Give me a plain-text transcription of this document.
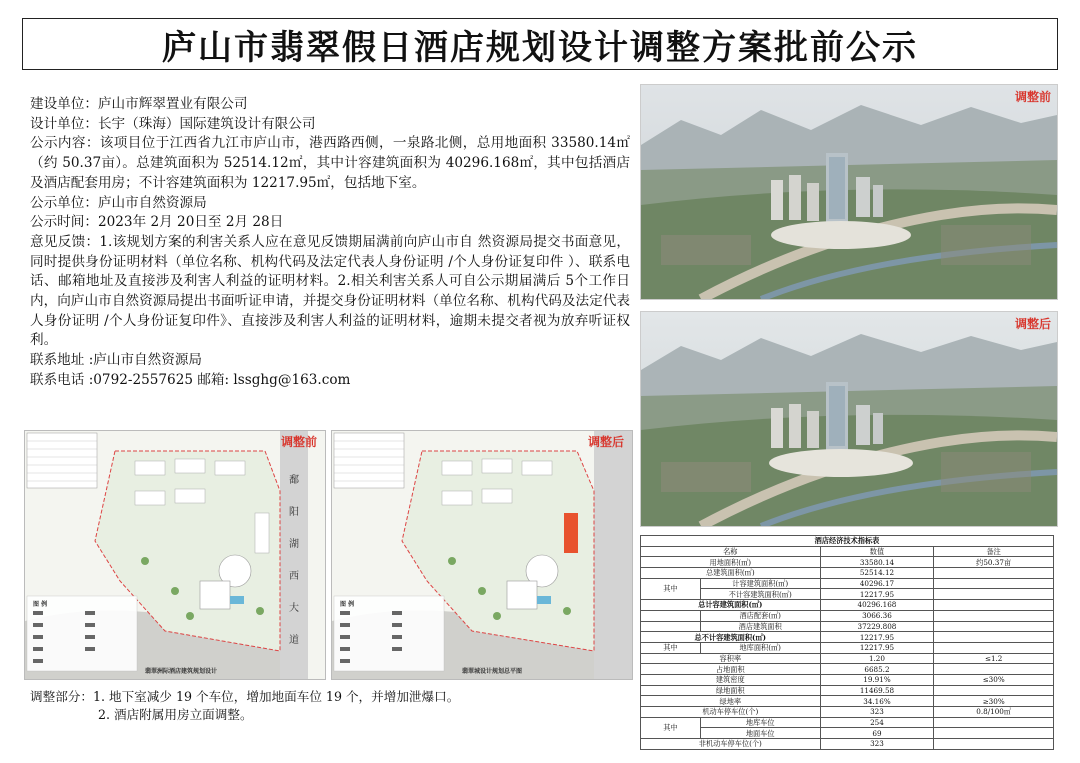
庐山市翡翠假日酒店规划设计调整方案批前公示

建设单位：庐山市辉翠置业有限公司

设计单位：长宇（珠海）国际建筑设计有限公司

公示内容：该项目位于江西省九江市庐山市，港西路西侧，一泉路北侧，总用地面积 33580.14㎡（约 50.37亩）。总建筑面积为 52514.12㎡，其中计容建筑面积为 40296.168㎡，其中包括酒店及酒店配套用房；不计容建筑面积为 12217.95㎡，包括地下室。

公示单位：庐山市自然资源局

公示时间：2023年 2月 20日至 2月 28日

意见反馈：1.该规划方案的利害关系人应在意见反馈期届满前向庐山市自 然资源局提交书面意见，同时提供身份证明材料（单位名称、机构代码及法定代表人身份证明 /个人身份证复印件 ）、联系电话、邮箱地址及直接涉及利害人利益的证明材料。2.相关利害关系人可自公示期届满后 5个工作日内，向庐山市自然资源局提出书面听证申请，并提交身份证明材料（单位名称、机构代码及法定代表人身份证明 /个人身份证复印件》、直接涉及利害人利益的证明材料，逾期未提交者视为放弃听证权利。

联系地址 :庐山市自然资源局

联系电话 :0792-2557625 邮箱: lssghg@163.com

调整前
调整后
调整前
图 例
翡翠洲际酒店建筑规划设计
鄱
阳
湖
西
大
道
调整后
图 例
翡翠城设计规划总平图
调整部分： 1. 地下室减少 19 个车位，增加地面车位 19 个，并增加泄爆口。
2. 酒店附属用房立面调整。
酒店经济技术指标表			
名称		数值	备注
用地面积(㎡)		33580.14	约50.37亩
总建筑面积(㎡)		52514.12	
其中	计容建筑面积(㎡)	40296.17	
	不计容建筑面积(㎡)	12217.95	
总计容建筑面积(㎡)		40296.168	
	酒店配套(㎡)	3066.36	
	酒店建筑面积	37229.808	
总不计容建筑面积(㎡)		12217.95	
其中	地库面积(㎡)	12217.95	
容积率		1.20	≤1.2
占地面积		6685.2	
建筑密度		19.91%	≤30%
绿地面积		11469.58	
绿地率		34.16%	≥30%
机动车停车位(个)		323	0.8/100㎡
其中	地库车位	254	
	地面车位	69	
非机动车停车位(个)		323	
